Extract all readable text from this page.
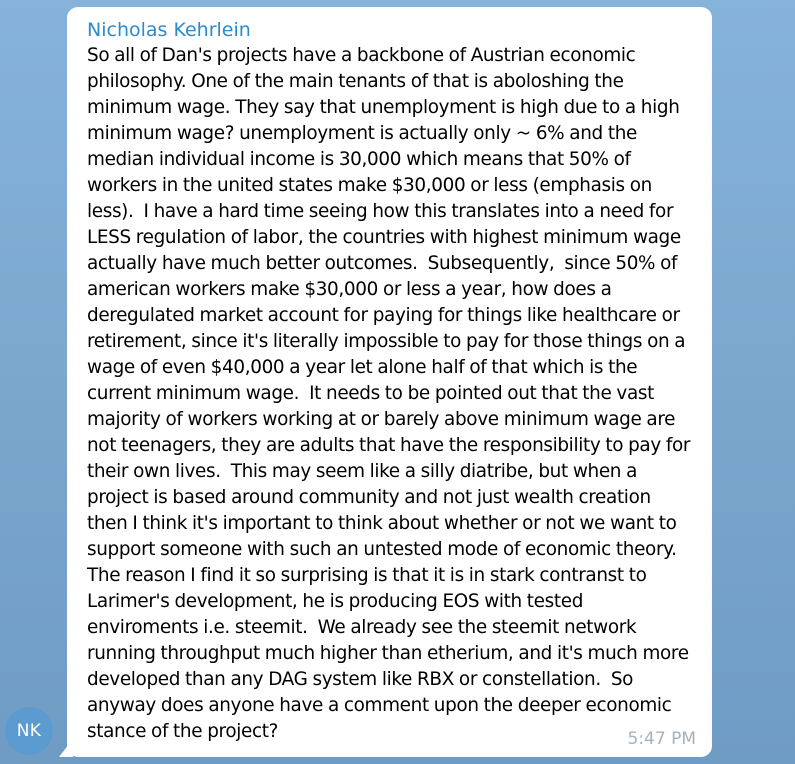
NK
Nicholas Kehrlein

So all of Dan's projects have a backbone of Austrian economic philosophy. One of the main tenants of that is aboloshing the minimum wage. They say that unemployment is high due to a high minimum wage? unemployment is actually only ~ 6% and the median individual income is 30,000 which means that 50% of workers in the united states make $30,000 or less (emphasis on less).  I have a hard time seeing how this translates into a need for LESS regulation of labor, the countries with highest minimum wage actually have much better outcomes.  Subsequently,  since 50% of american workers make $30,000 or less a year, how does a deregulated market account for paying for things like healthcare or retirement, since it's literally impossible to pay for those things on a wage of even $40,000 a year let alone half of that which is the current minimum wage.  It needs to be pointed out that the vast majority of workers working at or barely above minimum wage are not teenagers, they are adults that have the responsibility to pay for their own lives.  This may seem like a silly diatribe, but when a project is based around community and not just wealth creation then I think it's important to think about whether or not we want to support someone with such an untested mode of economic theory.  The reason I find it so surprising is that it is in stark contranst to Larimer's development, he is producing EOS with tested enviroments i.e. steemit.  We already see the steemit network running throughput much higher than etherium, and it's much more developed than any DAG system like RBX or constellation.  So anyway does anyone have a comment upon the deeper economic stance of the project?	5:47 PM
